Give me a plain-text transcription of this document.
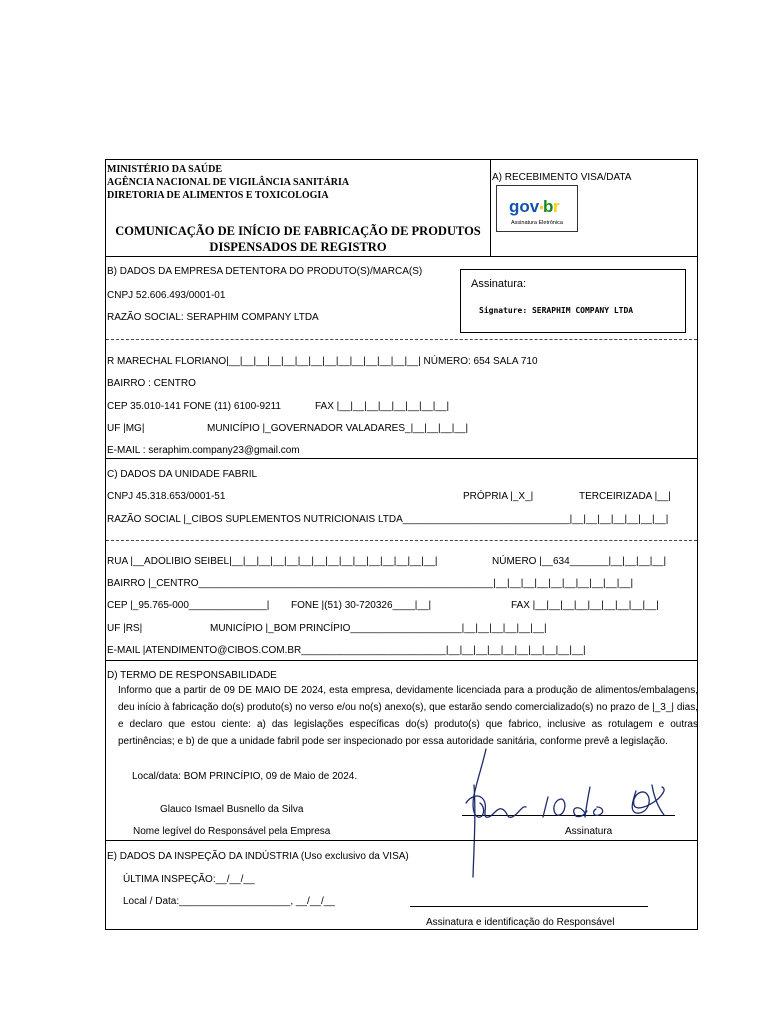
MINISTÉRIO DA SAÚDE
AGÊNCIA NACIONAL DE VIGILÂNCIA SANITÁRIA
DIRETORIA DE ALIMENTOS E TOXICOLOGIA
COMUNICAÇÃO DE INÍCIO DE FABRICAÇÃO DE PRODUTOS
DISPENSADOS DE REGISTRO
A) RECEBIMENTO VISA/DATA
gov b r
Assinatura Eletrônica
B) DADOS DA EMPRESA DETENTORA DO PRODUTO(S)/MARCA(S)
CNPJ 52.606.493/0001-01
RAZÃO SOCIAL: SERAPHIM COMPANY LTDA
Assinatura:
Signature: SERAPHIM COMPANY LTDA
R MARECHAL FLORIANO|__|__|__|__|__|__|__|__|__|__|__|__|__|__| NÚMERO: 654 SALA 710
BAIRRO : CENTRO
CEP 35.010-141 FONE (11) 6100-9211	FAX |__|__|__|__|__|__|__|__|
UF |MG|	MUNICÍPIO |_GOVERNADOR VALADARES_|__|__|__|__|
E-MAIL : seraphim.company23@gmail.com
C) DADOS DA UNIDADE FABRIL
CNPJ 45.318.653/0001-51	PRÓPRIA |_X_|	TERCEIRIZADA |__|
RAZÃO SOCIAL |_CIBOS SUPLEMENTOS NUTRICIONAIS LTDA______________________________|__|__|__|__|__|__|__|
RUA |__ADOLIBIO SEIBEL|__|__|__|__|__|__|__|__|__|__|__|__|__|__|__|	NÚMERO |__634_______|__|__|__|__|
BAIRRO |_CENTRO_____________________________________________________|__|__|__|__|__|__|__|__|__|__|
CEP |_95.765-000______________| FONE |(51) 30-720326____|__|	FAX |__|__|__|__|__|__|__|__|__|
UF |RS|	MUNICÍPIO |_BOM PRINCÍPIO____________________|__|__|__|__|__|__|
E-MAIL |ATENDIMENTO@CIBOS.COM.BR__________________________|__|__|__|__|__|__|__|__|__|__|
D) TERMO DE RESPONSABILIDADE
Informo que a partir de 09 DE MAIO DE 2024, esta empresa, devidamente licenciada para a produção de alimentos/embalagens, deu início à fabricação do(s) produto(s) no verso e/ou no(s) anexo(s), que estarão sendo comercializado(s) no prazo de |_3_| dias, e declaro que estou ciente: a) das legislações específicas do(s) produto(s) que fabrico, inclusive as rotulagem e outras pertinências; e b) de que a unidade fabril pode ser inspecionado por essa autoridade sanitária, conforme prevê a legislação.
Local/data: BOM PRINCÍPIO, 09 de Maio de 2024.
Glauco Ismael Busnello da Silva
Nome legível do Responsável pela Empresa	Assinatura
E) DADOS DA INSPEÇÃO DA INDÚSTRIA (Uso exclusivo da VISA)
ÚLTIMA INSPEÇÃO:__/__/__
Local / Data:____________________, __/__/__
Assinatura e identificação do Responsável
